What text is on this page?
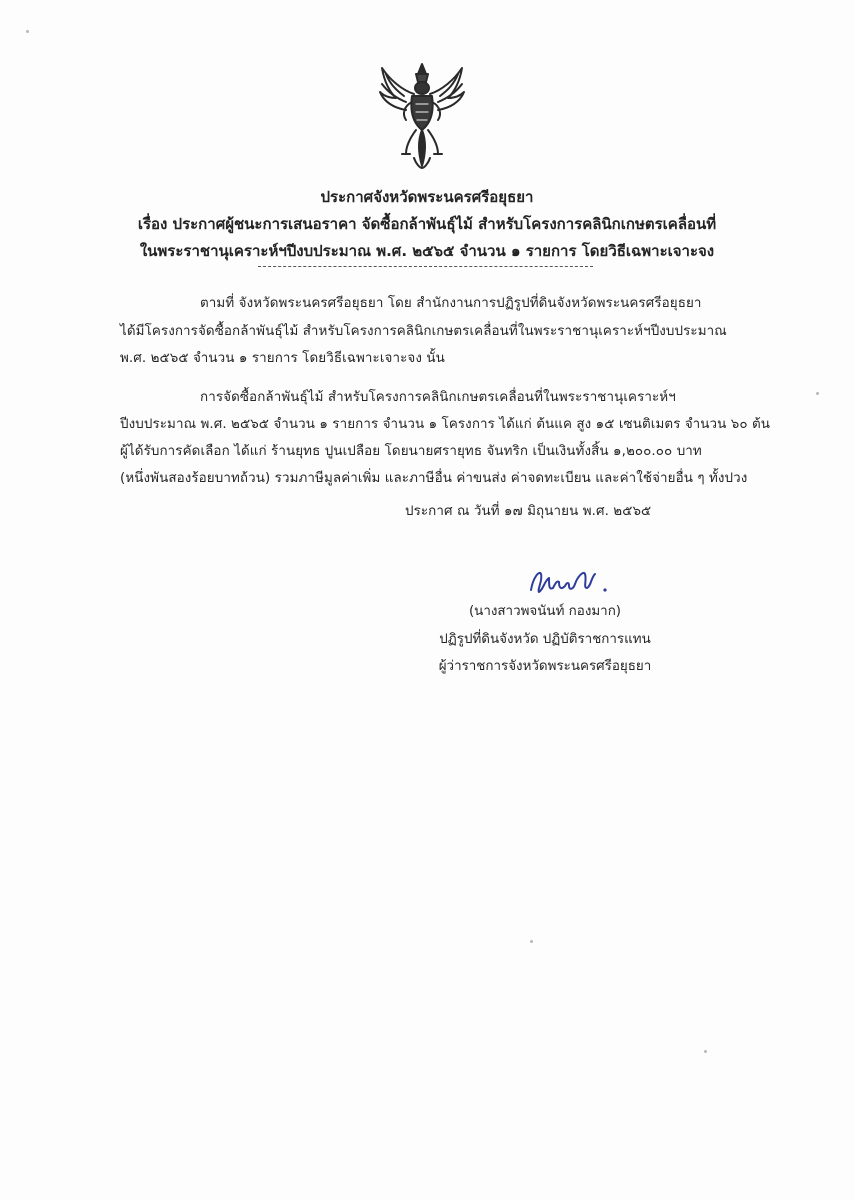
ประกาศจังหวัดพระนครศรีอยุธยา
เรื่อง ประกาศผู้ชนะการเสนอราคา จัดซื้อกล้าพันธุ์ไม้ สำหรับโครงการคลินิกเกษตรเคลื่อนที่
ในพระราชานุเคราะห์ฯปีงบประมาณ พ.ศ. ๒๕๖๕ จำนวน ๑ รายการ โดยวิธีเฉพาะเจาะจง
ตามที่ จังหวัดพระนครศรีอยุธยา โดย สำนักงานการปฏิรูปที่ดินจังหวัดพระนครศรีอยุธยา
ได้มีโครงการจัดซื้อกล้าพันธุ์ไม้ สำหรับโครงการคลินิกเกษตรเคลื่อนที่ในพระราชานุเคราะห์ฯปีงบประมาณ
พ.ศ. ๒๕๖๕ จำนวน ๑ รายการ โดยวิธีเฉพาะเจาะจง นั้น
การจัดซื้อกล้าพันธุ์ไม้ สำหรับโครงการคลินิกเกษตรเคลื่อนที่ในพระราชานุเคราะห์ฯ
ปีงบประมาณ พ.ศ. ๒๕๖๕ จำนวน ๑ รายการ จำนวน ๑ โครงการ ได้แก่ ต้นแค สูง ๑๕ เซนติเมตร จำนวน ๖๐ ต้น
ผู้ได้รับการคัดเลือก ได้แก่ ร้านยุทธ ปูนเปลือย โดยนายศรายุทธ จันทริก เป็นเงินทั้งสิ้น ๑,๒๐๐.๐๐ บาท
(หนึ่งพันสองร้อยบาทถ้วน) รวมภาษีมูลค่าเพิ่ม และภาษีอื่น ค่าขนส่ง ค่าจดทะเบียน และค่าใช้จ่ายอื่น ๆ ทั้งปวง
ประกาศ ณ วันที่ ๑๗ มิถุนายน พ.ศ. ๒๕๖๕
(นางสาวพจนันท์ กองมาก)
ปฏิรูปที่ดินจังหวัด ปฏิบัติราชการแทน
ผู้ว่าราชการจังหวัดพระนครศรีอยุธยา
